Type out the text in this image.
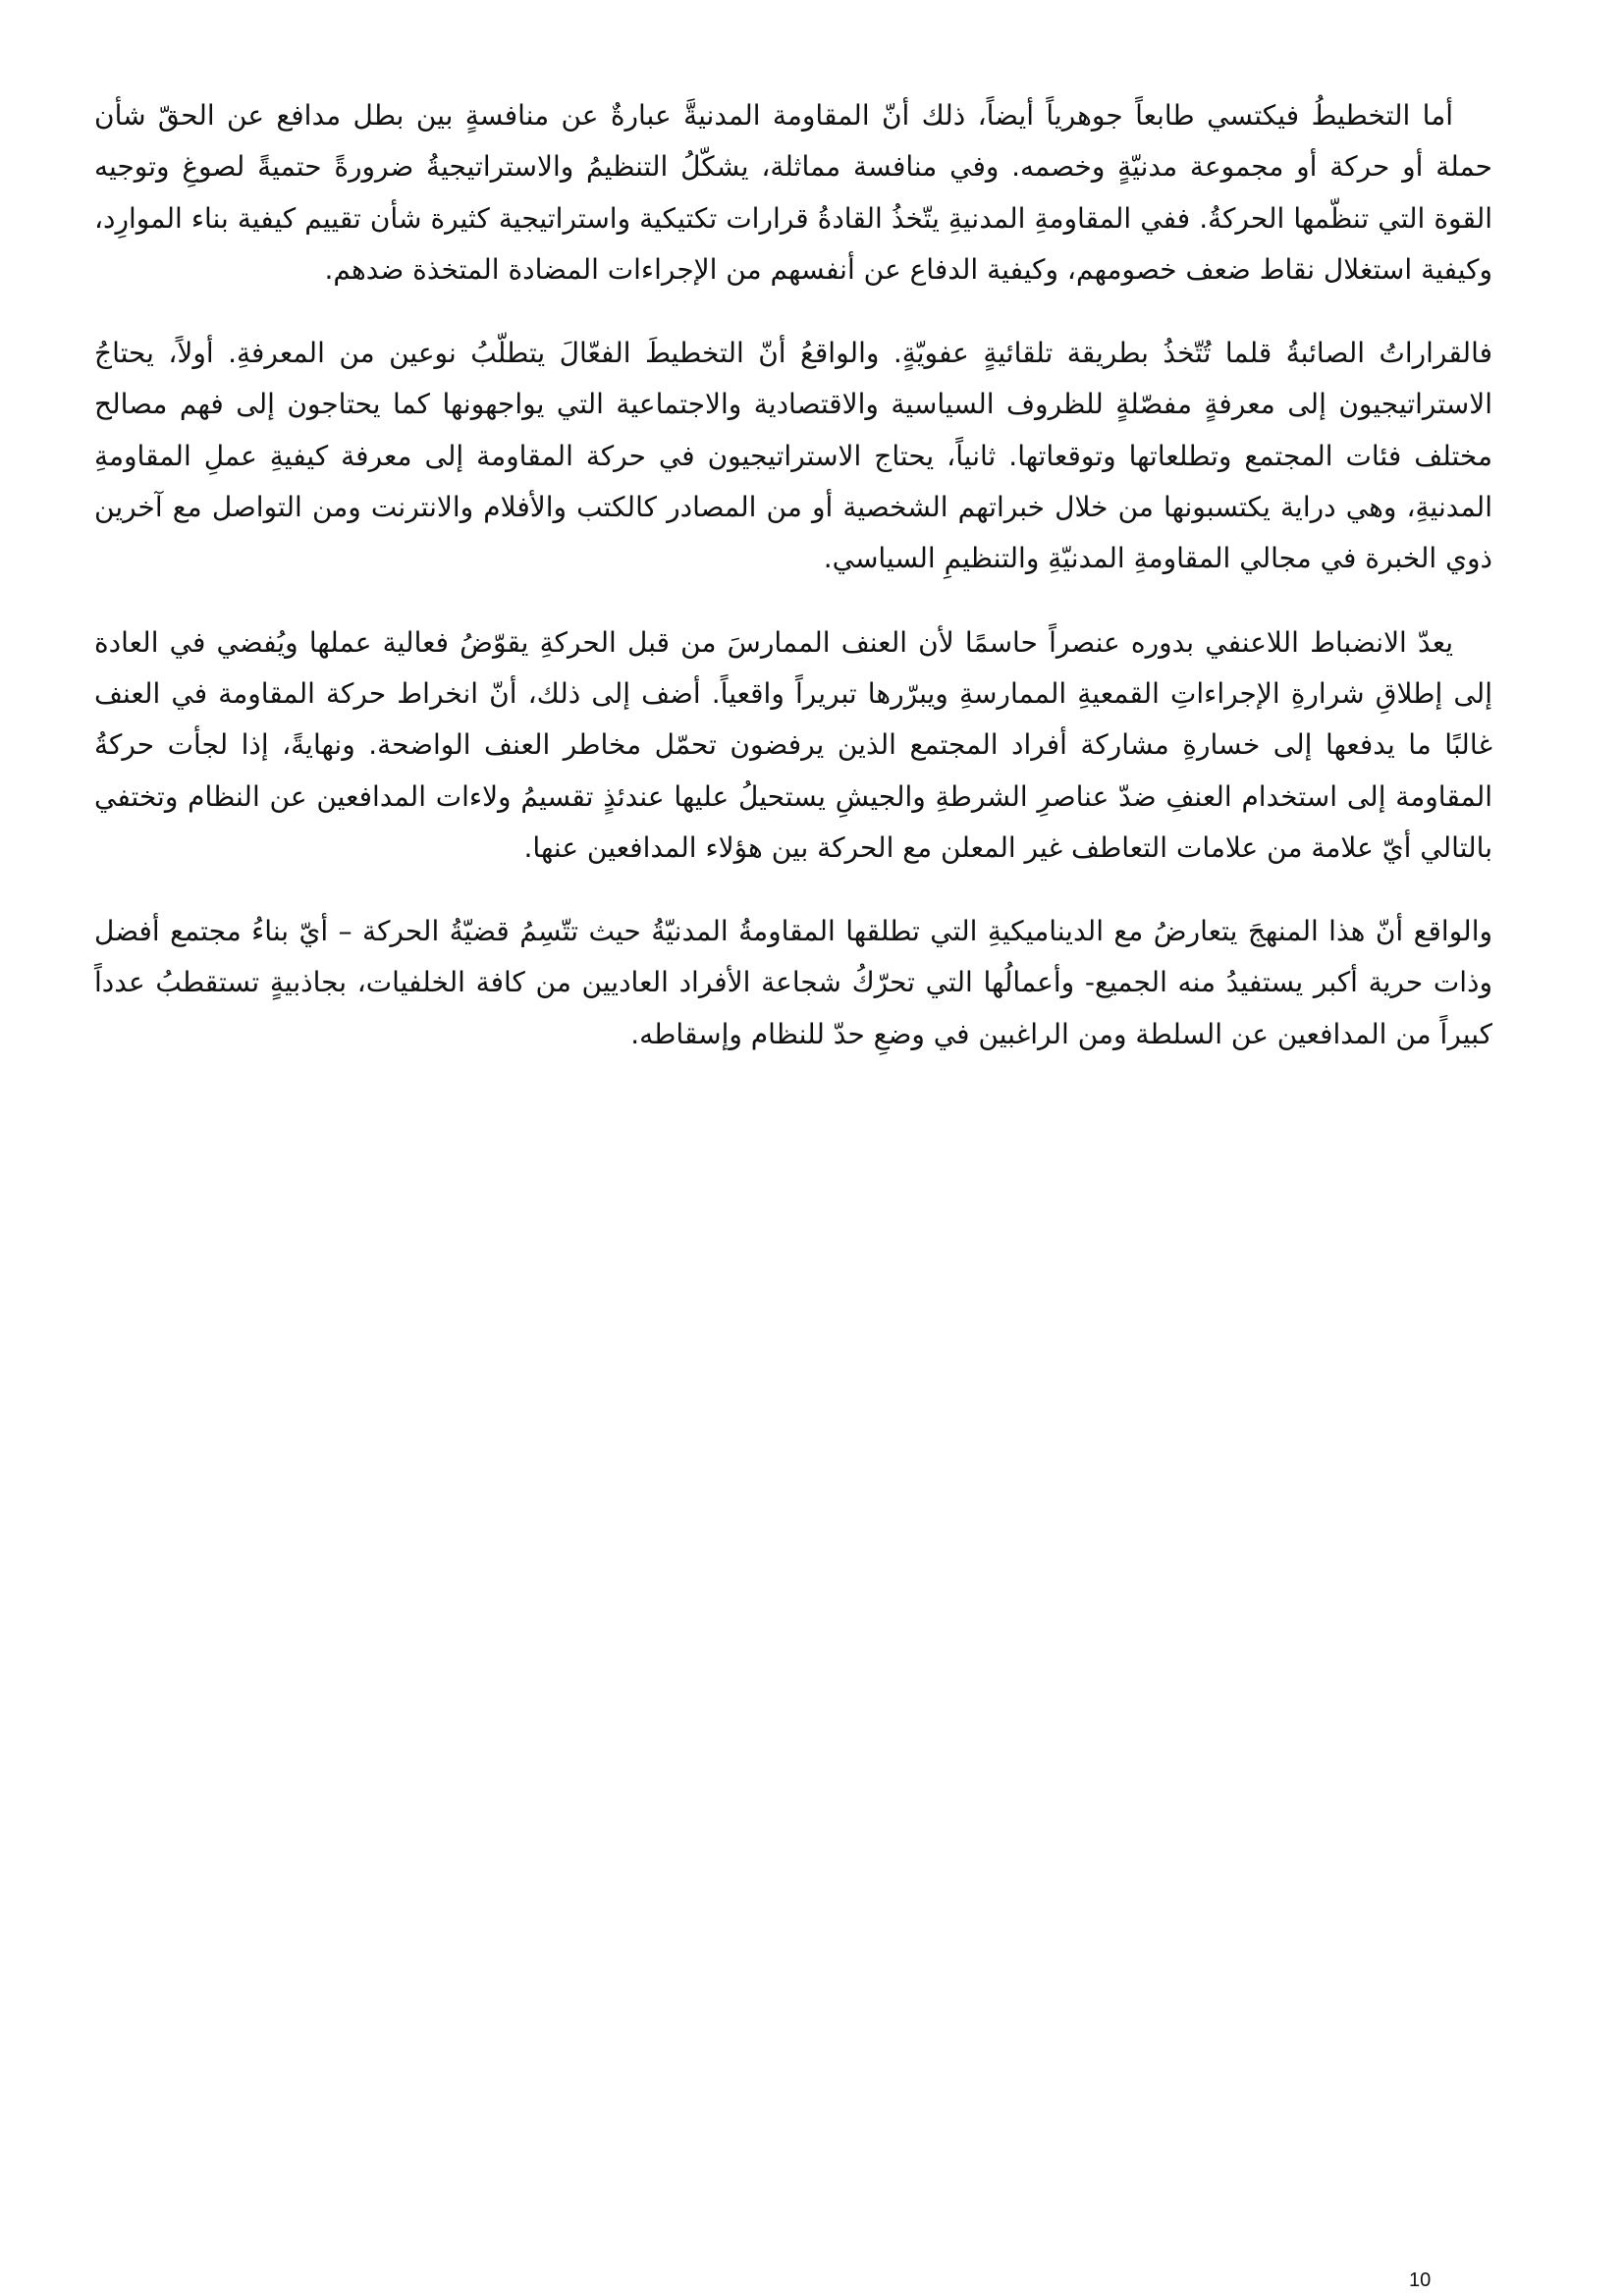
أما التخطيطُ فيكتسي طابعاً جوهرياً أيضاً، ذلك أنّ المقاومة المدنيةَّ عبارةٌ عن منافسةٍ بين بطل مدافع عن الحقّ شأن حملة أو حركة أو مجموعة مدنيّةٍ وخصمه. وفي منافسة مماثلة، يشكّلُ التنظيمُ والاستراتيجيةُ ضرورةً حتميةً لصوغِ وتوجيه القوة التي تنظّمها الحركةُ. ففي المقاومةِ المدنيةِ يتّخذُ القادةُ قرارات تكتيكية واستراتيجية كثيرة شأن تقييم كيفية بناء الموارِد، وكيفية استغلال نقاط ضعف خصومهم، وكيفية الدفاع عن أنفسهم من الإجراءات المضادة المتخذة ضدهم.

فالقراراتُ الصائبةُ قلما تُتّخذُ بطريقة تلقائيةٍ عفويّةٍ. والواقعُ أنّ التخطيطَ الفعّالَ يتطلّبُ نوعين من المعرفةِ. أولاً، يحتاجُ الاستراتيجيون إلى معرفةٍ مفصّلةٍ للظروف السياسية والاقتصادية والاجتماعية التي يواجهونها كما يحتاجون إلى فهم مصالح مختلف فئات المجتمع وتطلعاتها وتوقعاتها. ثانياً، يحتاج الاستراتيجيون في حركة المقاومة إلى معرفة كيفيةِ عملِ المقاومةِ المدنيةِ، وهي دراية يكتسبونها من خلال خبراتهم الشخصية أو من المصادر كالكتب والأفلام والانترنت ومن التواصل مع آخرين ذوي الخبرة في مجالي المقاومةِ المدنيّةِ والتنظيمِ السياسي.

يعدّ الانضباط اللاعنفي بدوره عنصراً حاسمًا لأن العنف الممارسَ من قبل الحركةِ يقوّضُ فعالية عملها ويُفضي في العادة إلى إطلاقِ شرارةِ الإجراءاتِ القمعيةِ الممارسةِ ويبرّرها تبريراً واقعياً. أضف إلى ذلك، أنّ انخراط حركة المقاومة في العنف غالبًا ما يدفعها إلى خسارةِ مشاركة أفراد المجتمع الذين يرفضون تحمّل مخاطر العنف الواضحة. ونهايةً، إذا لجأت حركةُ المقاومة إلى استخدام العنفِ ضدّ عناصرِ الشرطةِ والجيشِ يستحيلُ عليها عندئذٍ تقسيمُ ولاءات المدافعين عن النظام وتختفي بالتالي أيّ علامة من علامات التعاطف غير المعلن مع الحركة بين هؤلاء المدافعين عنها.

والواقع أنّ هذا المنهجَ يتعارضُ مع الديناميكيةِ التي تطلقها المقاومةُ المدنيّةُ حيث تتّسِمُ قضيّةُ الحركة – أيّ بناءُ مجتمع أفضل وذات حرية أكبر يستفيدُ منه الجميع- وأعمالُها التي تحرّكُ شجاعة الأفراد العاديين من كافة الخلفيات، بجاذبيةٍ تستقطبُ عدداً كبيراً من المدافعين عن السلطة ومن الراغبين في وضعِ حدّ للنظام وإسقاطه.

10
